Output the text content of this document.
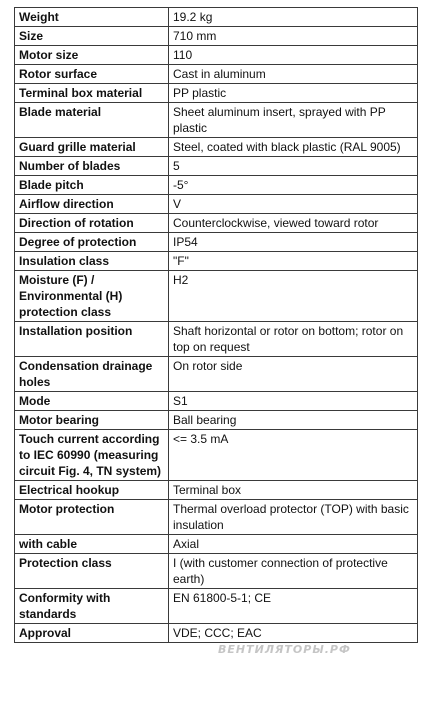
Weight	19.2 kg
Size	710 mm
Motor size	110
Rotor surface	Cast in aluminum
Terminal box material	PP plastic
Blade material	Sheet aluminum insert, sprayed with PP plastic
Guard grille material	Steel, coated with black plastic (RAL 9005)
Number of blades	5
Blade pitch	-5°
Airflow direction	V
Direction of rotation	Counterclockwise, viewed toward rotor
Degree of protection	IP54
Insulation class	"F"
Moisture (F) / Environmental (H) protection class	H2
Installation position	Shaft horizontal or rotor on bottom; rotor on top on request
Condensation drainage holes	On rotor side
Mode	S1
Motor bearing	Ball bearing
Touch current according to IEC 60990 (measuring circuit Fig. 4, TN system)	<= 3.5 mA
Electrical hookup	Terminal box
Motor protection	Thermal overload protector (TOP) with basic insulation
with cable	Axial
Protection class	I (with customer connection of protective earth)
Conformity with standards	EN 61800-5-1; CE
Approval	VDE; CCC; EAC
ВЕНТИЛЯТОРЫ.РФ
